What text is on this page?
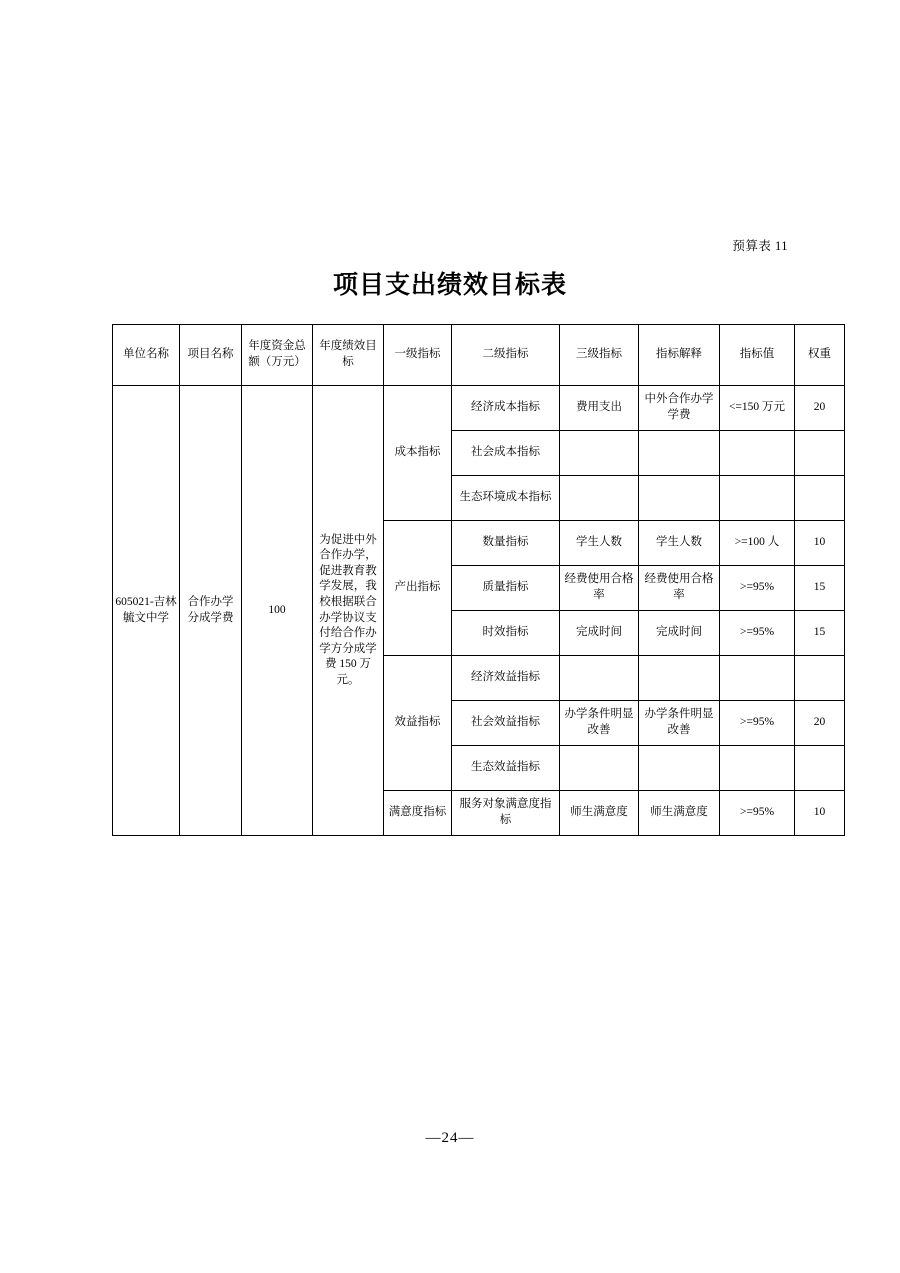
预算表 11
项目支出绩效目标表
单位名称	项目名称	年度资金总额（万元）	年度绩效目标	一级指标	二级指标	三级指标	指标解释	指标值	权重
605021-吉林毓文中学	合作办学分成学费	100	为促进中外合作办学，促进教育教学发展，我校根据联合办学协议支付给合作办学方分成学费 150 万元。	成本指标	经济成本指标	费用支出	中外合作办学学费	<=150 万元	20
					社会成本指标				
					生态环境成本指标				
				产出指标	数量指标	学生人数	学生人数	>=100 人	10
					质量指标	经费使用合格率	经费使用合格率	>=95%	15
					时效指标	完成时间	完成时间	>=95%	15
				效益指标	经济效益指标				
					社会效益指标	办学条件明显改善	办学条件明显改善	>=95%	20
					生态效益指标				
				满意度指标	服务对象满意度指标	师生满意度	师生满意度	>=95%	10
—24—
